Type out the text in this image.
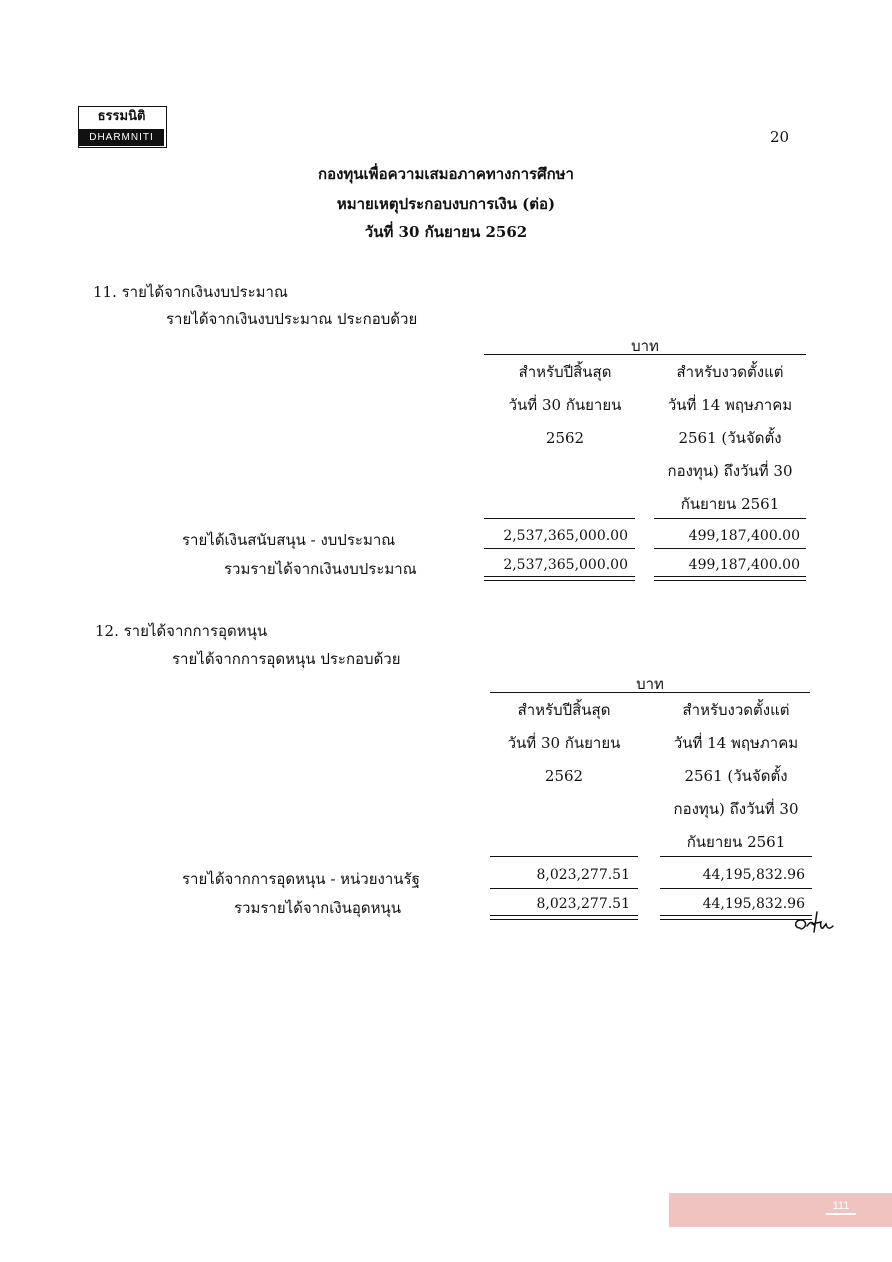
ธรรมนิติ
DHARMNITI	20
กองทุนเพื่อความเสมอภาคทางการศึกษา
หมายเหตุประกอบงบการเงิน (ต่อ)
วันที่ 30 กันยายน 2562
11. รายได้จากเงินงบประมาณ
รายได้จากเงินงบประมาณ ประกอบด้วย
บาท
สำหรับปีสิ้นสุด
วันที่ 30 กันยายน
2562
สำหรับงวดตั้งแต่
วันที่ 14 พฤษภาคม
2561 (วันจัดตั้ง
กองทุน) ถึงวันที่ 30
กันยายน 2561
รายได้เงินสนับสนุน - งบประมาณ	2,537,365,000.00	499,187,400.00
รวมรายได้จากเงินงบประมาณ	2,537,365,000.00	499,187,400.00
12. รายได้จากการอุดหนุน
รายได้จากการอุดหนุน ประกอบด้วย
บาท
สำหรับปีสิ้นสุด
วันที่ 30 กันยายน
2562
สำหรับงวดตั้งแต่
วันที่ 14 พฤษภาคม
2561 (วันจัดตั้ง
กองทุน) ถึงวันที่ 30
กันยายน 2561
รายได้จากการอุดหนุน - หน่วยงานรัฐ	8,023,277.51	44,195,832.96
รวมรายได้จากเงินอุดหนุน	8,023,277.51	44,195,832.96
111
